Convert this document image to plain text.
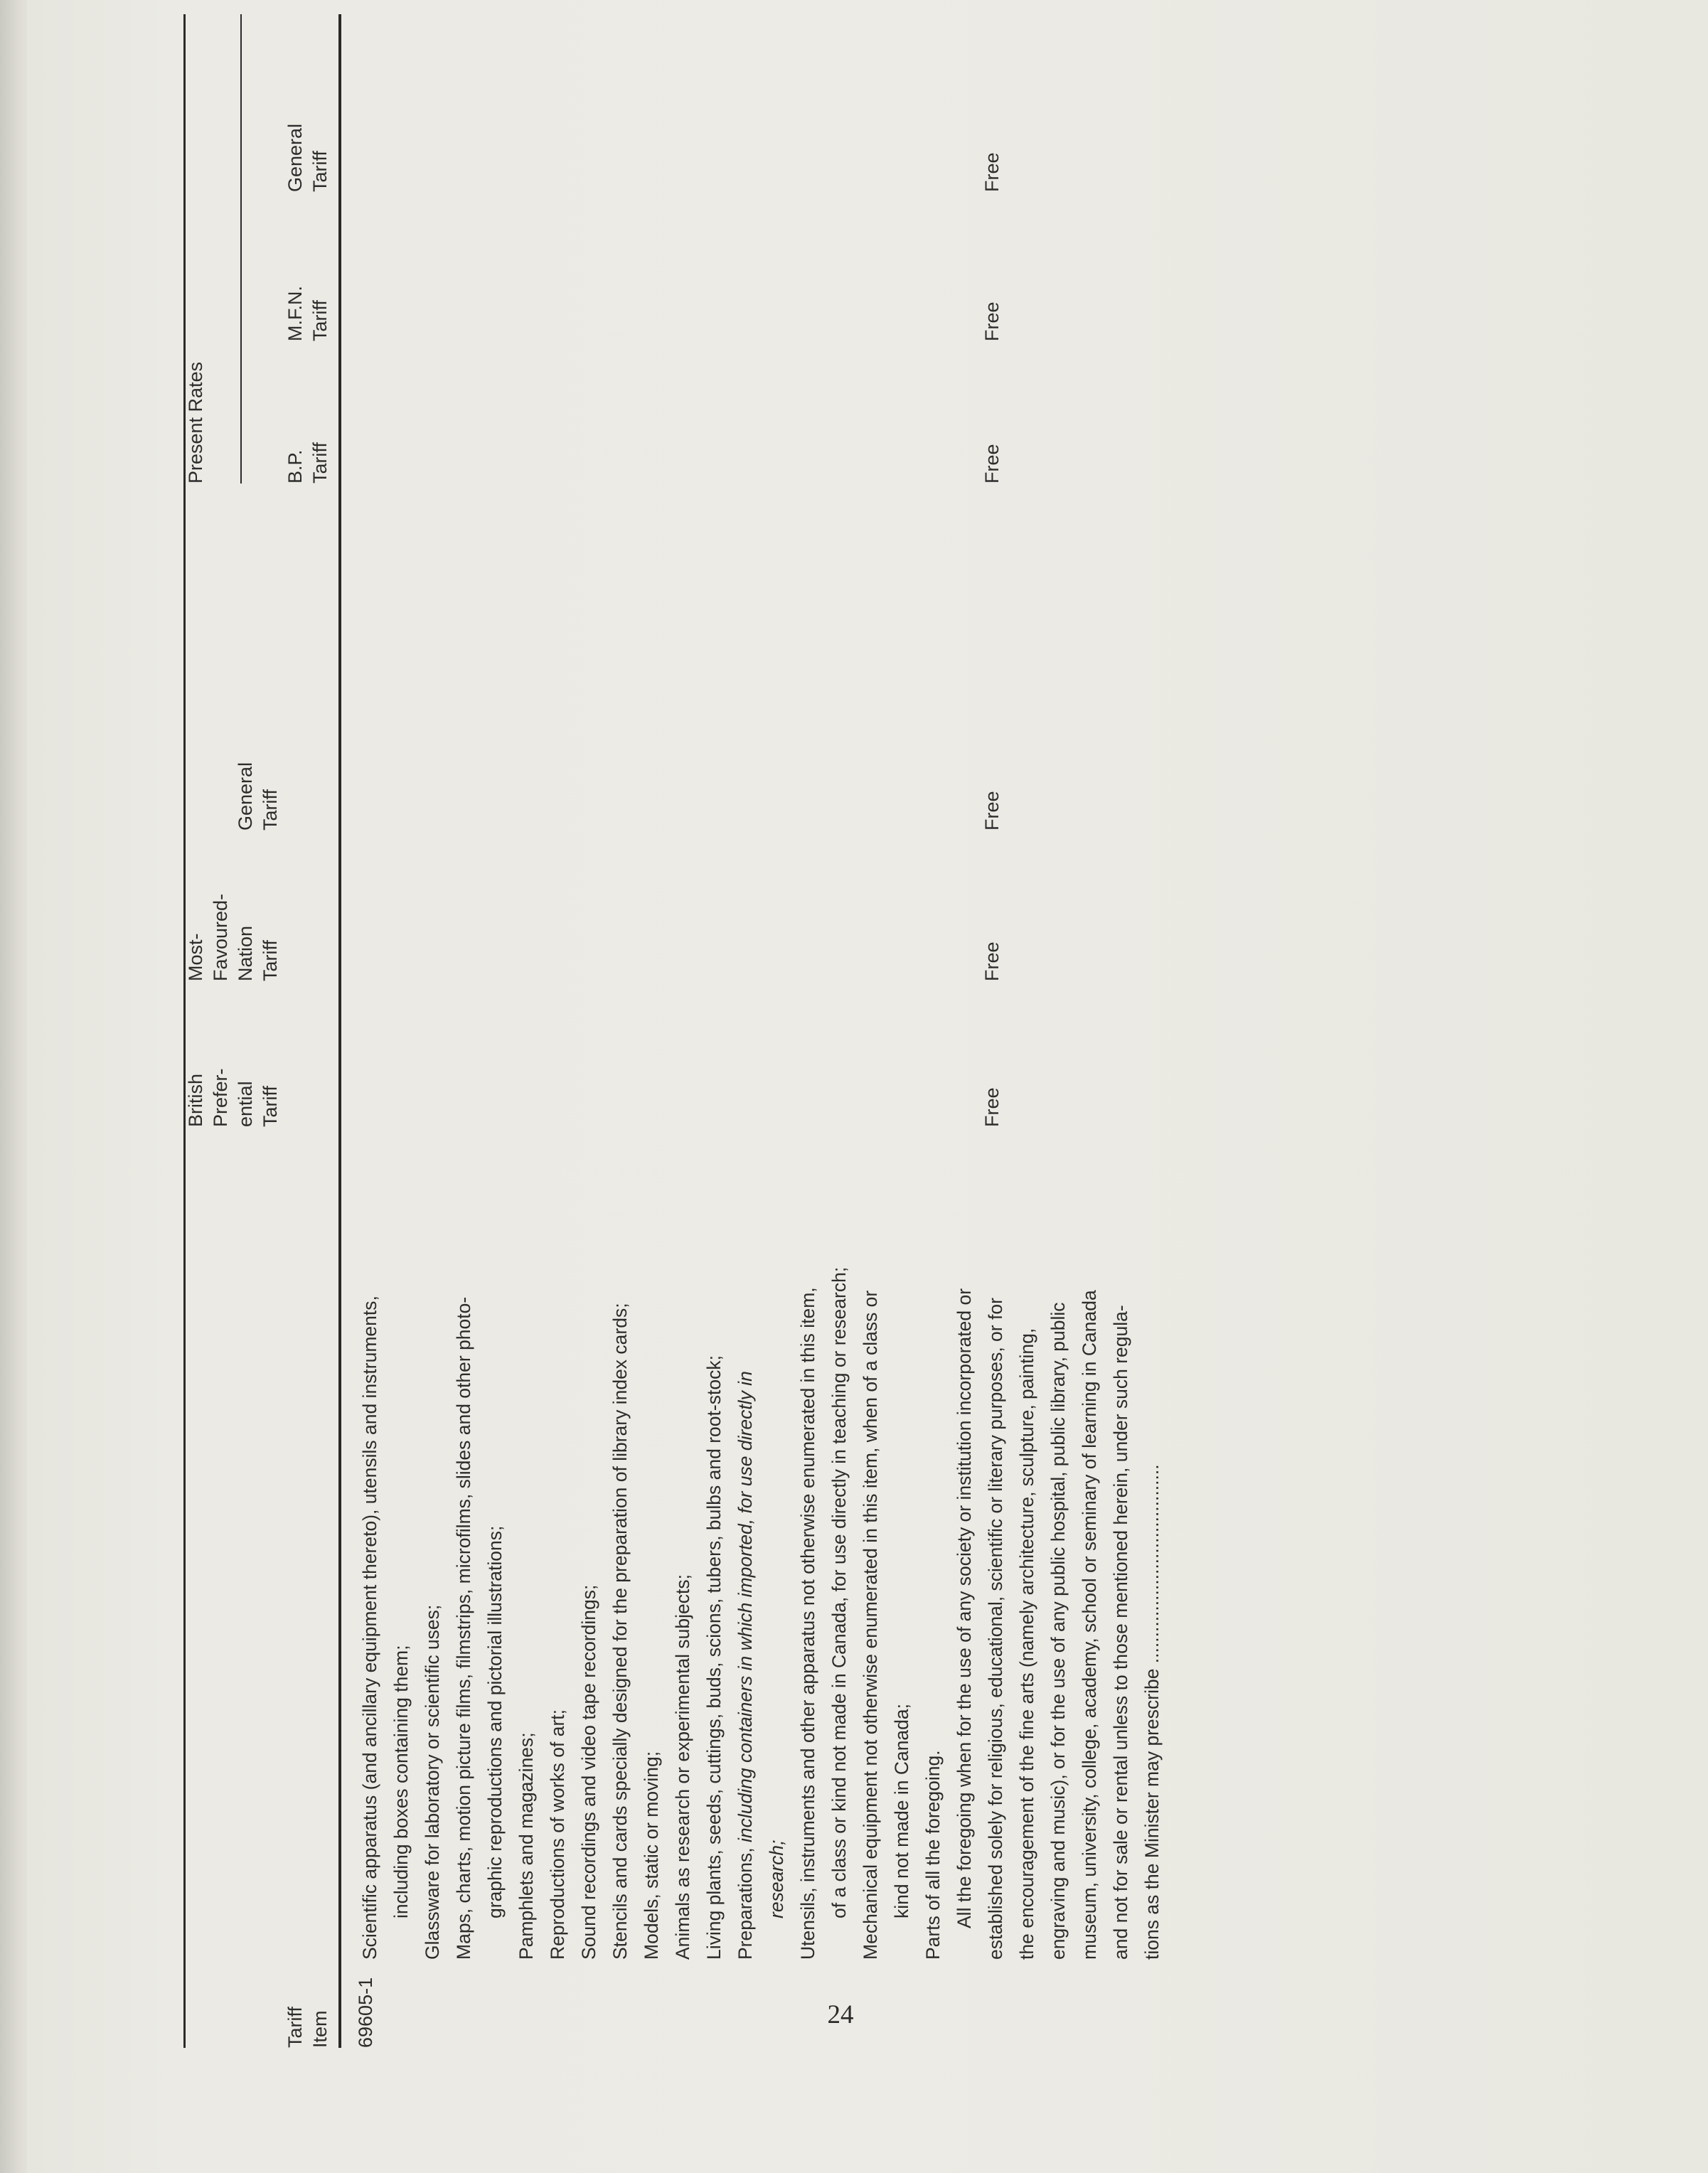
Tariff Item
British Prefer- ential Tariff
Most- Favoured- Nation Tariff
General Tariff
Present Rates	B.P. Tariff
M.F.N. Tariff
General Tariff
69605-1
Scientific apparatus (and ancillary equipment thereto), utensils and instruments, including boxes containing them; Glassware for laboratory or scientific uses; Maps, charts, motion picture films, filmstrips, microfilms, slides and other photo- graphic reproductions and pictorial illustrations; Pamphlets and magazines; Reproductions of works of art; Sound recordings and video tape recordings; Stencils and cards specially designed for the preparation of library index cards; Models, static or moving; Animals as research or experimental subjects; Living plants, seeds, cuttings, buds, scions, tubers, bulbs and root-stock; Preparations, including containers in which imported, for use directly in
research; Utensils, instruments and other apparatus not otherwise enumerated in this item, of a class or kind not made in Canada, for use directly in teaching or research; Mechanical equipment not otherwise enumerated in this item, when of a class or kind not made in Canada; Parts of all the foregoing. All the foregoing when for the use of any society or institution incorporated or established solely for religious, educational, scientific or literary purposes, or for the encouragement of the fine arts (namely architecture, sculpture, painting, engraving and music), or for the use of any public hospital, public library, public museum, university, college, academy, school or seminary of learning in Canada and not for sale or rental unless to those mentioned herein, under such regula- tions as the Minister may prescribe ......................................
Free
Free
Free
Free
Free
Free
24
